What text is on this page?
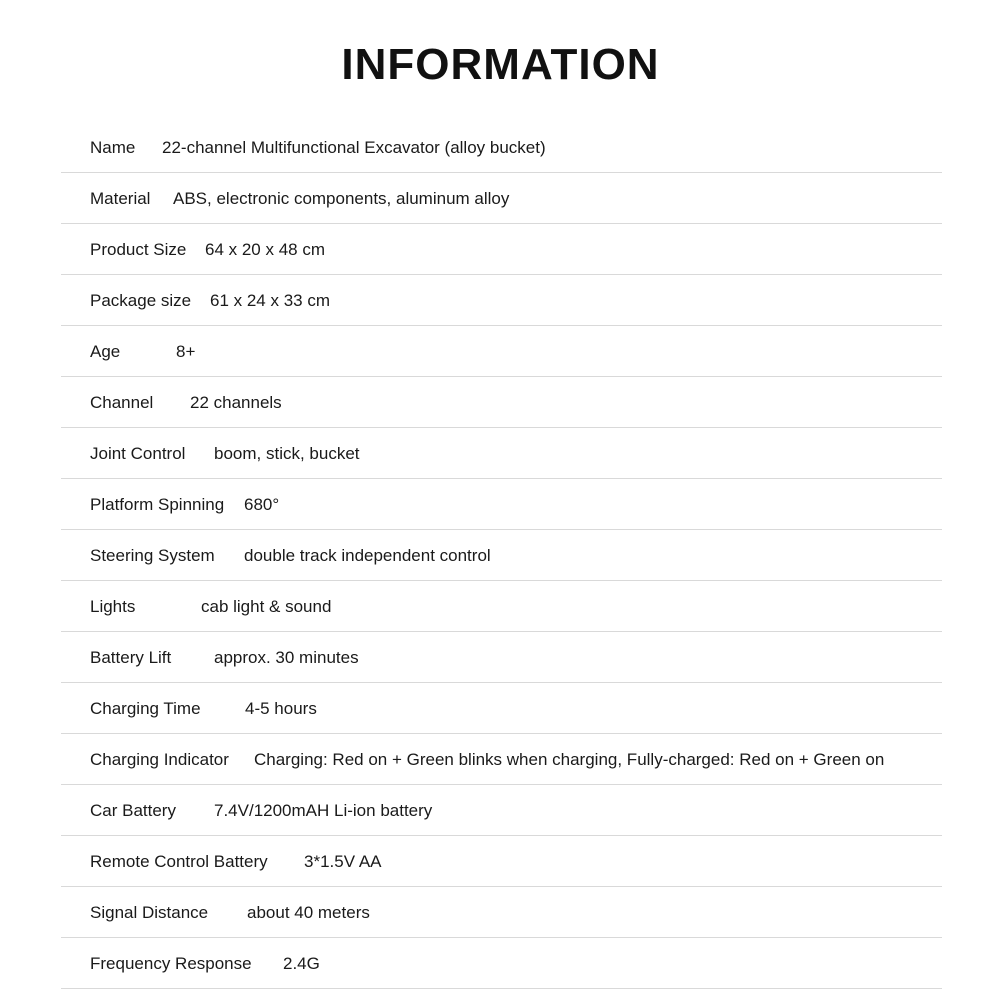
INFORMATION
Name 22-channel Multifunctional Excavator (alloy bucket)
Material ABS, electronic components, aluminum alloy
Product Size 64 x 20 x 48 cm
Package size 61 x 24 x 33 cm
Age	8+
Channel 22 channels
Joint Control boom, stick, bucket
Platform Spinning 680°
Steering System double track independent control
Lights	cab light & sound
Battery Lift	approx. 30 minutes
Charging Time	4-5 hours
Charging Indicator Charging: Red on + Green blinks when charging, Fully-charged: Red on + Green on
Car Battery 7.4V/1200mAH Li-ion battery
Remote Control Battery 3*1.5V AA
Signal Distance about 40 meters
Frequency Response 2.4G
